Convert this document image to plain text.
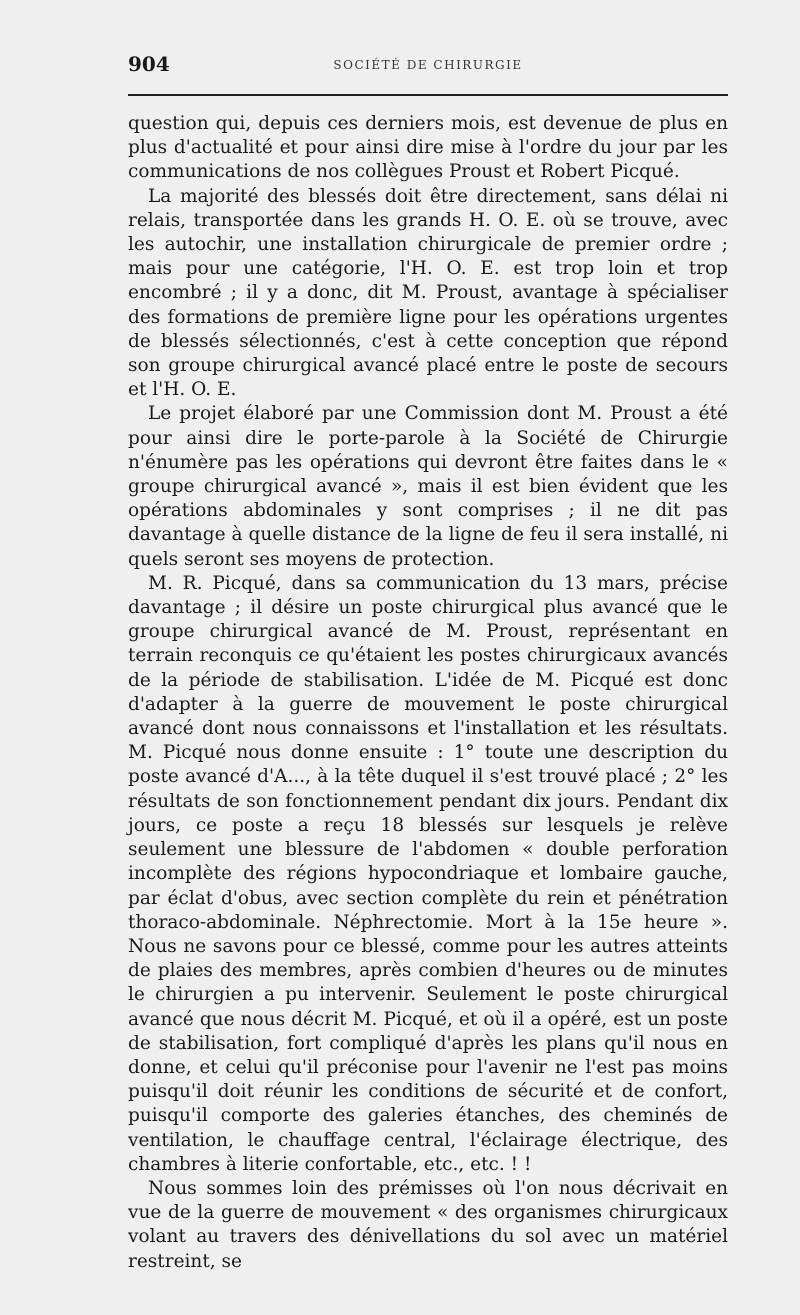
904	SOCIÉTÉ DE CHIRURGIE

question qui, depuis ces derniers mois, est devenue de plus en plus d'actualité et pour ainsi dire mise à l'ordre du jour par les communications de nos collègues Proust et Robert Picqué.

La majorité des blessés doit être directement, sans délai ni relais, transportée dans les grands H. O. E. où se trouve, avec les autochir, une installation chirurgicale de premier ordre ; mais pour une catégorie, l'H. O. E. est trop loin et trop encombré ; il y a donc, dit M. Proust, avantage à spécialiser des formations de première ligne pour les opérations urgentes de blessés sélectionnés, c'est à cette conception que répond son groupe chirurgical avancé placé entre le poste de secours et l'H. O. E.

Le projet élaboré par une Commission dont M. Proust a été pour ainsi dire le porte-parole à la Société de Chirurgie n'énumère pas les opérations qui devront être faites dans le « groupe chirurgical avancé », mais il est bien évident que les opérations abdominales y sont comprises ; il ne dit pas davantage à quelle distance de la ligne de feu il sera installé, ni quels seront ses moyens de protection.

M. R. Picqué, dans sa communication du 13 mars, précise davantage ; il désire un poste chirurgical plus avancé que le groupe chirurgical avancé de M. Proust, représentant en terrain reconquis ce qu'étaient les postes chirurgicaux avancés de la période de stabilisation. L'idée de M. Picqué est donc d'adapter à la guerre de mouvement le poste chirurgical avancé dont nous connaissons et l'installation et les résultats. M. Picqué nous donne ensuite : 1° toute une description du poste avancé d'A..., à la tête duquel il s'est trouvé placé ; 2° les résultats de son fonctionnement pendant dix jours. Pendant dix jours, ce poste a reçu 18 blessés sur lesquels je relève seulement une blessure de l'abdomen « double perforation incomplète des régions hypocondriaque et lombaire gauche, par éclat d'obus, avec section complète du rein et pénétration thoraco-abdominale. Néphrectomie. Mort à la 15e heure ». Nous ne savons pour ce blessé, comme pour les autres atteints de plaies des membres, après combien d'heures ou de minutes le chirurgien a pu intervenir. Seulement le poste chirurgical avancé que nous décrit M. Picqué, et où il a opéré, est un poste de stabilisation, fort compliqué d'après les plans qu'il nous en donne, et celui qu'il préconise pour l'avenir ne l'est pas moins puisqu'il doit réunir les conditions de sécurité et de confort, puisqu'il comporte des galeries étanches, des cheminés de ventilation, le chauffage central, l'éclairage électrique, des chambres à literie confortable, etc., etc. ! !

Nous sommes loin des prémisses où l'on nous décrivait en vue de la guerre de mouvement « des organismes chirurgicaux volant au travers des dénivellations du sol avec un matériel restreint, se
